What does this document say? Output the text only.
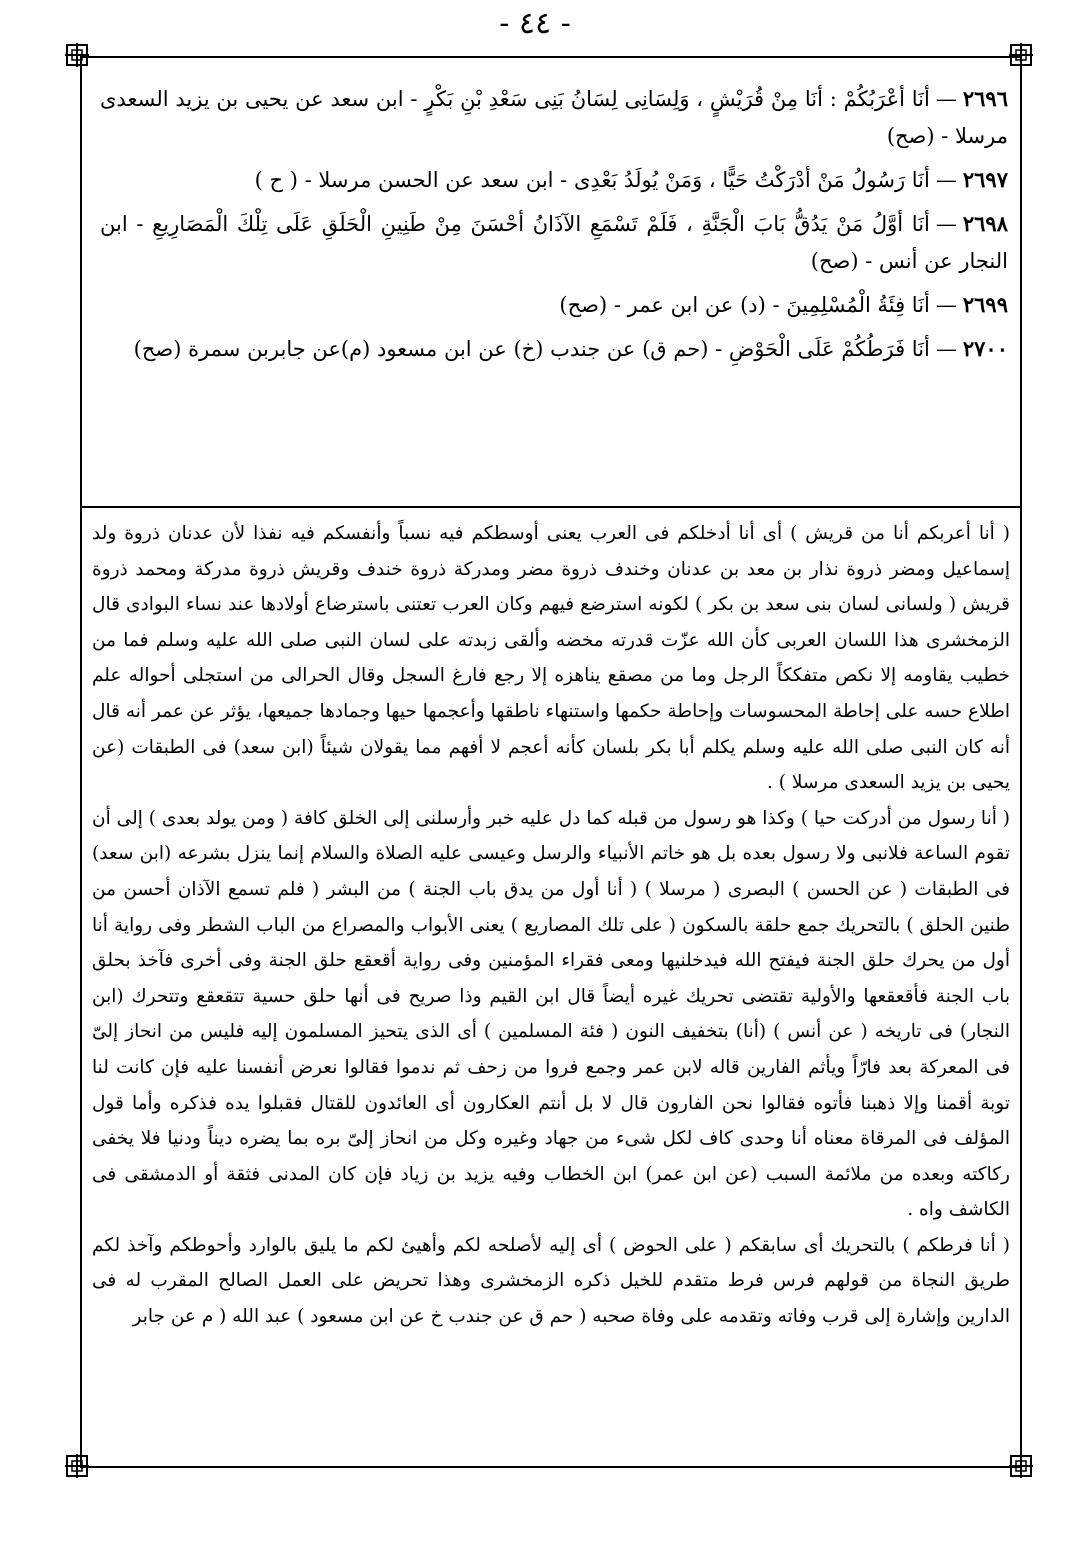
- ٤٤ -

٢٦٩٦—أنَا أعْرَبُكُمْ : أنَا مِنْ قُرَيْشٍ ، وَلِسَانِى لِسَانُ بَنِى سَعْدِ بْنِ بَكْرٍ - ابن سعد عن يحيى بن يزيد السعدى مرسلا - (صح)

٢٦٩٧—أنَا رَسُولُ مَنْ أدْرَكْتُ حَيًّا ، وَمَنْ يُولَدُ بَعْدِى - ابن سعد عن الحسن مرسلا - ( ح )

٢٦٩٨—أنَا أوَّلُ مَنْ يَدُقُّ بَابَ الْجَنَّةِ ، فَلَمْ تَسْمَعِ الآذَانُ أحْسَنَ مِنْ طَنِينِ الْحَلَقِ عَلَى تِلْكَ الْمَصَارِيعِ - ابن النجار عن أنس - (صح)

٢٦٩٩—أنَا فِئَةُ الْمُسْلِمِينَ - (د) عن ابن عمر - (صح)

٢٧٠٠—أنَا فَرَطُكُمْ عَلَى الْحَوْضِ - (حم ق) عن جندب (خ) عن ابن مسعود (م)عن جابربن سمرة (صح)

( أنا أعربكم أنا من قريش ) أى أنا أدخلكم فى العرب يعنى أوسطكم فيه نسباً وأنفسكم فيه نفذا لأن عدنان ذروة ولد إسماعيل ومضر ذروة نذار بن معد بن عدنان وخندف ذروة مضر ومدركة ذروة خندف وقريش ذروة مدركة ومحمد ذروة قريش ( ولسانى لسان بنى سعد بن بكر ) لكونه استرضع فيهم وكان العرب تعتنى باسترضاع أولادها عند نساء البوادى قال الزمخشرى هذا اللسان العربى كأن الله عزّت قدرته مخضه وألقى زبدته على لسان النبى صلى الله عليه وسلم فما من خطيب يقاومه إلا نكص متفككاً الرجل وما من مصقع يناهزه إلا رجع فارغ السجل وقال الحرالى من استجلى أحواله علم اطلاع حسه على إحاطة المحسوسات وإحاطة حكمها واستنهاء ناطقها وأعجمها حيها وجمادها جميعها، يؤثر عن عمر أنه قال أنه كان النبى صلى الله عليه وسلم يكلم أبا بكر بلسان كأنه أعجم لا أفهم مما يقولان شيئاً (ابن سعد) فى الطبقات (عن يحيى بن يزيد السعدى مرسلا ) .

( أنا رسول من أدركت حيا ) وكذا هو رسول من قبله كما دل عليه خبر وأرسلنى إلى الخلق كافة ( ومن يولد بعدى ) إلى أن تقوم الساعة فلانبى ولا رسول بعده بل هو خاتم الأنبياء والرسل وعيسى عليه الصلاة والسلام إنما ينزل بشرعه (ابن سعد) فى الطبقات ( عن الحسن ) البصرى ( مرسلا ) ( أنا أول من يدق باب الجنة ) من البشر ( فلم تسمع الآذان أحسن من طنين الحلق ) بالتحريك جمع حلقة بالسكون ( على تلك المصاريع ) يعنى الأبواب والمصراع من الباب الشطر وفى رواية أنا أول من يحرك حلق الجنة فيفتح الله فيدخلنيها ومعى فقراء المؤمنين وفى رواية أقعقع حلق الجنة وفى أخرى فآخذ بحلق باب الجنة فأقعقعها والأولية تقتضى تحريك غيره أيضاً قال ابن القيم وذا صريح فى أنها حلق حسية تتقعقع وتتحرك (ابن النجار) فى تاريخه ( عن أنس ) (أنا) بتخفيف النون ( فئة المسلمين ) أى الذى يتحيز المسلمون إليه فليس من انحاز إلىّ فى المعركة بعد فارّاً ويأثم الفارين قاله لابن عمر وجمع فروا من زحف ثم ندموا فقالوا نعرض أنفسنا عليه فإن كانت لنا توبة أقمنا وإلا ذهبنا فأتوه فقالوا نحن الفارون قال لا بل أنتم العكارون أى العائدون للقتال فقبلوا يده فذكره وأما قول المؤلف فى المرقاة معناه أنا وحدى كاف لكل شىء من جهاد وغيره وكل من انحاز إلىّ بره بما يضره ديناً ودنيا فلا يخفى ركاكته وبعده من ملائمة السبب (عن ابن عمر) ابن الخطاب وفيه يزيد بن زياد فإن كان المدنى فثقة أو الدمشقى فى الكاشف واه .

( أنا فرطكم ) بالتحريك أى سابقكم ( على الحوض ) أى إليه لأصلحه لكم وأهيئ لكم ما يليق بالوارد وأحوطكم وآخذ لكم طريق النجاة من قولهم فرس فرط متقدم للخيل ذكره الزمخشرى وهذا تحريض على العمل الصالح المقرب له فى الدارين وإشارة إلى قرب وفاته وتقدمه على وفاة صحبه ( حم ق عن جندب خ عن ابن مسعود ) عبد الله ( م عن جابر
